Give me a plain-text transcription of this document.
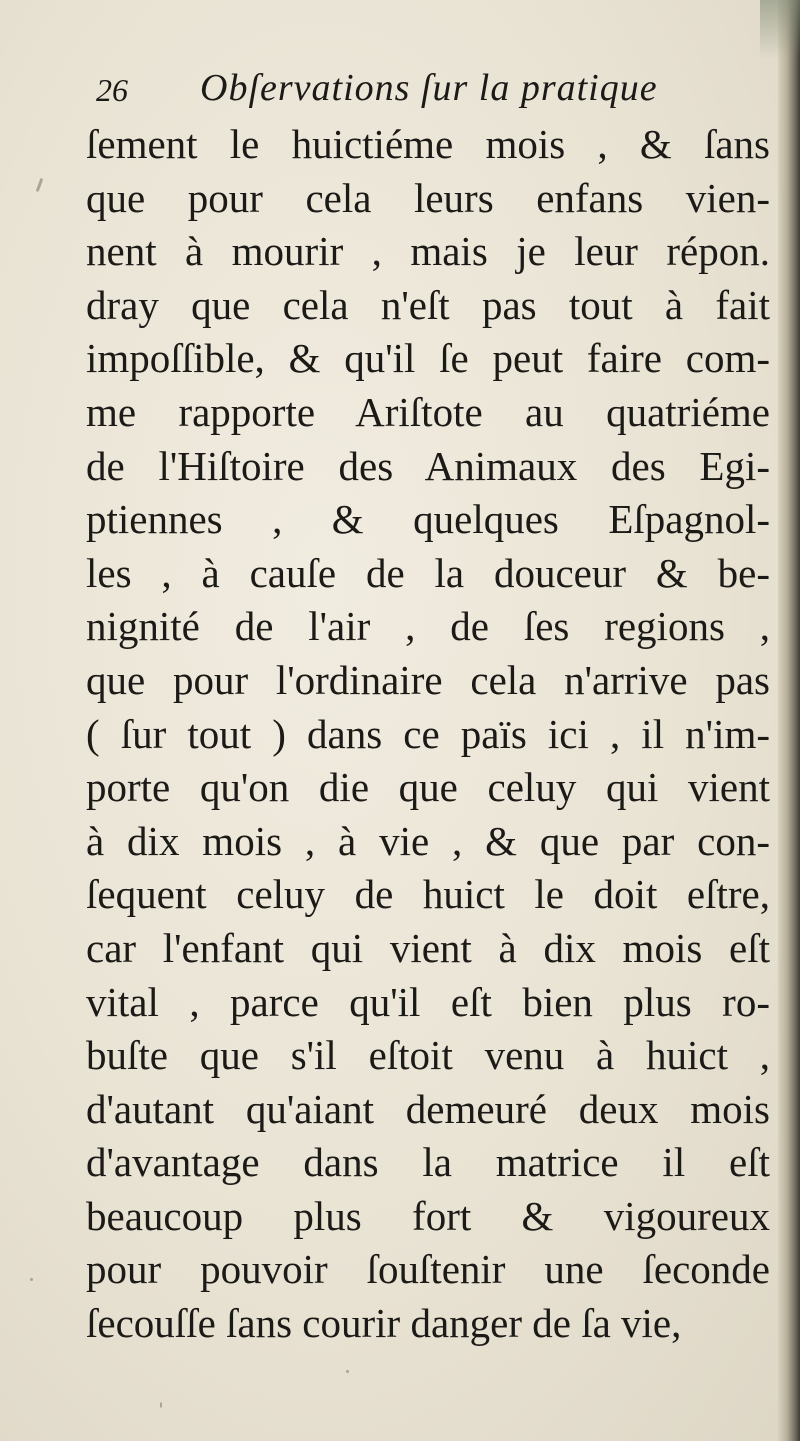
26 Obſervations ſur la pratique
ſement le huictiéme mois , & ſans
que pour cela leurs enfans vien-
nent à mourir , mais je leur répon.
dray que cela n'eſt pas tout à fait
impoſſible, & qu'il ſe peut faire com-
me rapporte Ariſtote au quatriéme
de l'Hiſtoire des Animaux des Egi-
ptiennes , & quelques Eſpagnol-
les , à cauſe de la douceur & be-
nignité de l'air , de ſes regions ,
que pour l'ordinaire cela n'arrive pas
( ſur tout ) dans ce païs ici , il n'im-
porte qu'on die que celuy qui vient
à dix mois , à vie , & que par con-
ſequent celuy de huict le doit eſtre,
car l'enfant qui vient à dix mois eſt
vital , parce qu'il eſt bien plus ro-
buſte que s'il eſtoit venu à huict ,
d'autant qu'aiant demeuré deux mois
d'avantage dans la matrice il eſt
beaucoup plus fort & vigoureux
pour pouvoir ſouſtenir une ſeconde
ſecouſſe ſans courir danger de ſa vie,
